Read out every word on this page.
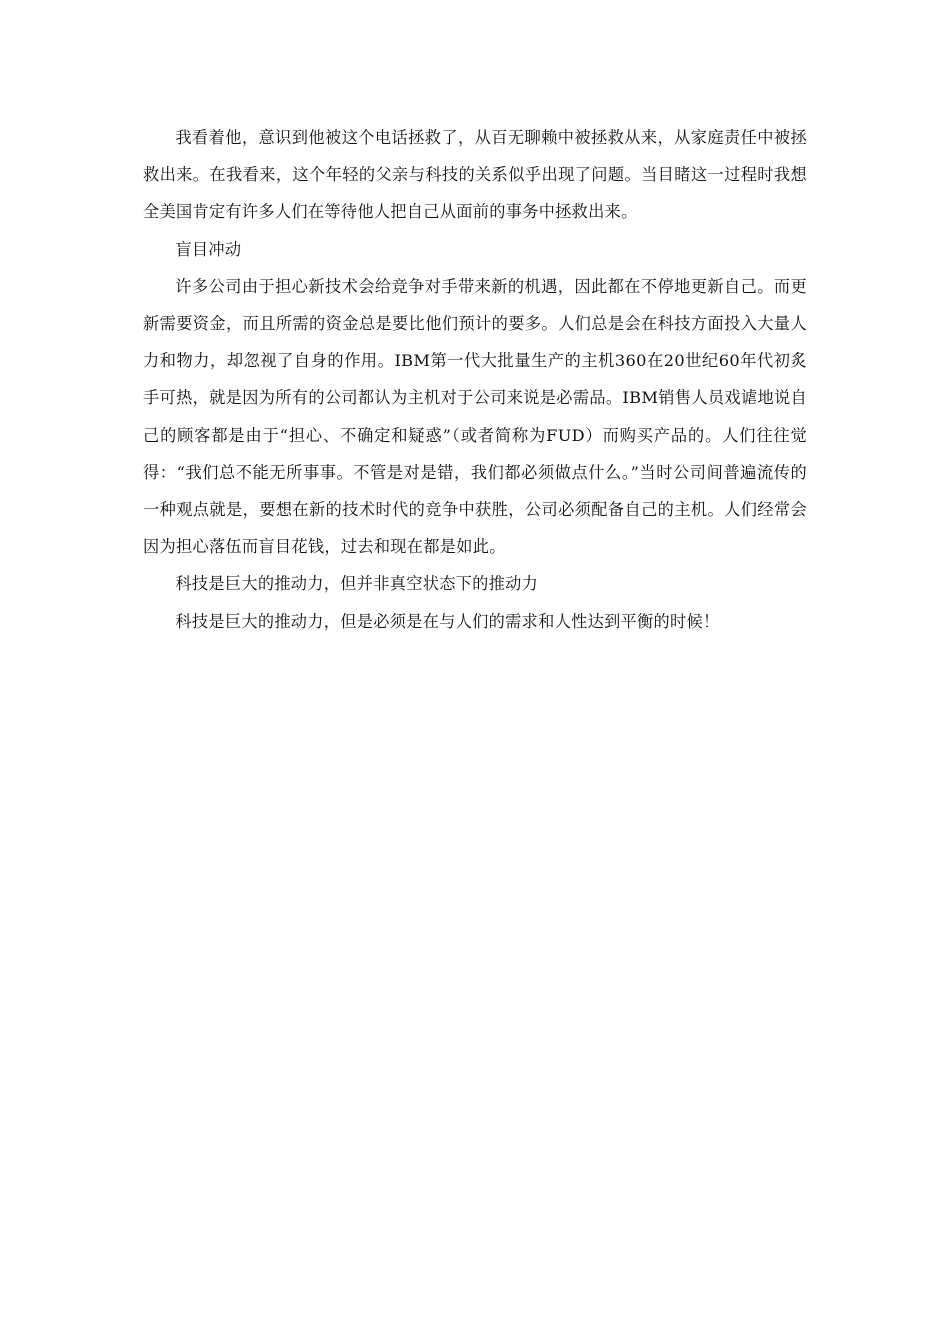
我看着他，意识到他被这个电话拯救了，从百无聊赖中被拯救从来，从家庭责任中被拯救出来。在我看来，这个年轻的父亲与科技的关系似乎出现了问题。当目睹这一过程时我想全美国肯定有许多人们在等待他人把自己从面前的事务中拯救出来。

盲目冲动

许多公司由于担心新技术会给竞争对手带来新的机遇，因此都在不停地更新自己。而更新需要资金，而且所需的资金总是要比他们预计的要多。人们总是会在科技方面投入大量人力和物力，却忽视了自身的作用。IBM第一代大批量生产的主机360在20世纪60年代初炙手可热，就是因为所有的公司都认为主机对于公司来说是必需品。IBM销售人员戏谑地说自己的顾客都是由于“担心、不确定和疑惑”（或者简称为FUD）而购买产品的。人们往往觉得：“我们总不能无所事事。不管是对是错，我们都必须做点什么。”当时公司间普遍流传的一种观点就是，要想在新的技术时代的竞争中获胜，公司必须配备自己的主机。人们经常会因为担心落伍而盲目花钱，过去和现在都是如此。

科技是巨大的推动力，但并非真空状态下的推动力

科技是巨大的推动力，但是必须是在与人们的需求和人性达到平衡的时候！
